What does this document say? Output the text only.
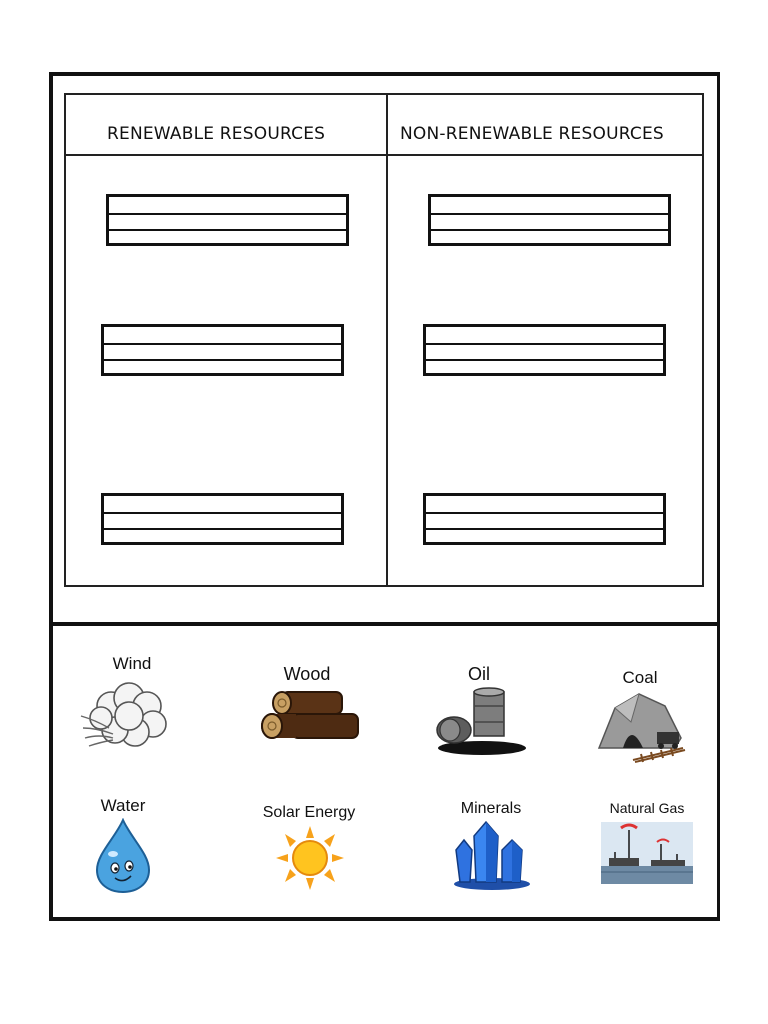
RENEWABLE RESOURCES	NON-RENEWABLE RESOURCES
Wind
Wood	Oil	Coal
Water	Solar Energy	Minerals	Natural Gas
